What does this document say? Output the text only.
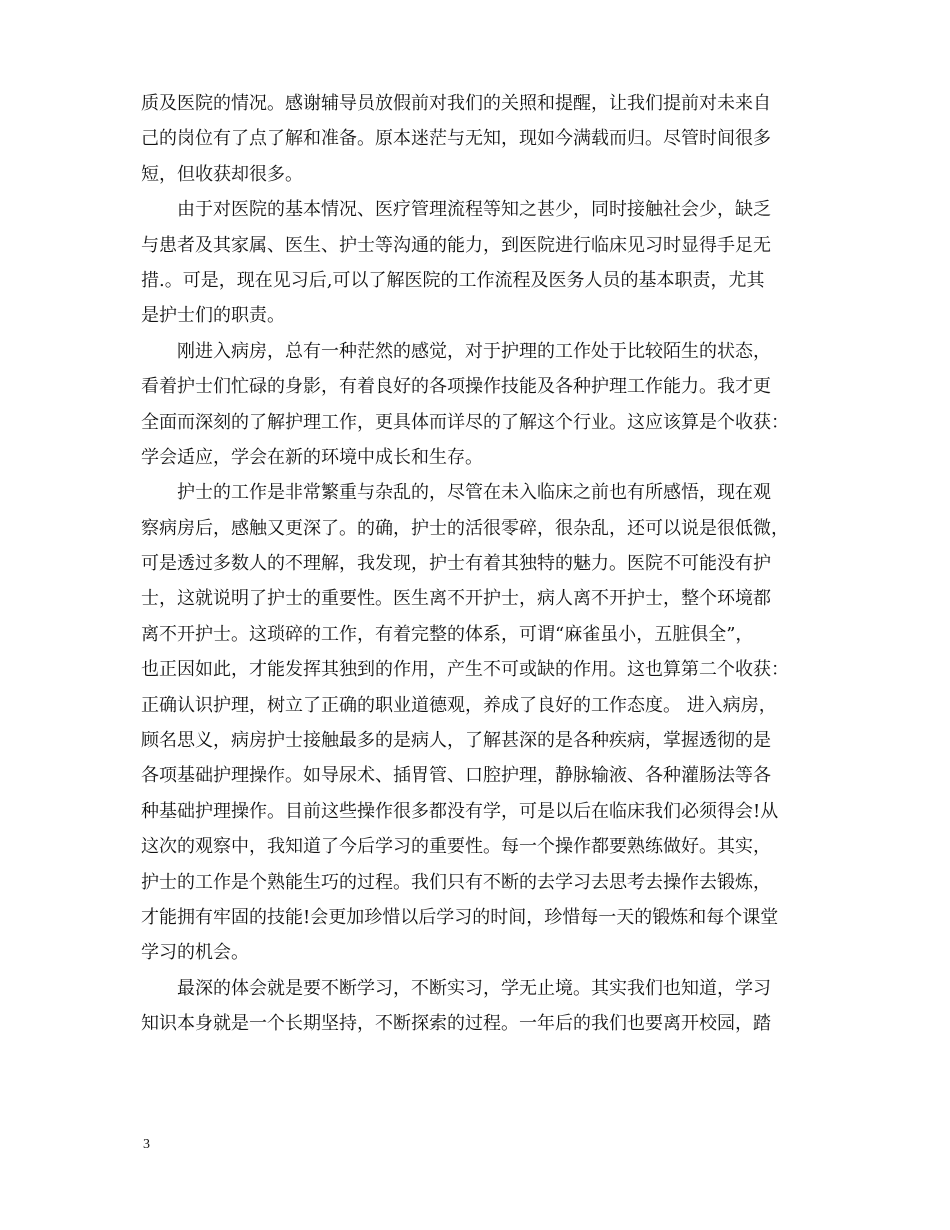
质及医院的情况。感谢辅导员放假前对我们的关照和提醒，让我们提前对未来自
己的岗位有了点了解和准备。原本迷茫与无知，现如今满载而归。尽管时间很多
短，但收获却很多。
　　由于对医院的基本情况、医疗管理流程等知之甚少，同时接触社会少，缺乏
与患者及其家属、医生、护士等沟通的能力，到医院进行临床见习时显得手足无
措.。可是，现在见习后,可以了解医院的工作流程及医务人员的基本职责，尤其
是护士们的职责。
　　刚进入病房，总有一种茫然的感觉，对于护理的工作处于比较陌生的状态，
看着护士们忙碌的身影，有着良好的各项操作技能及各种护理工作能力。我才更
全面而深刻的了解护理工作，更具体而详尽的了解这个行业。这应该算是个收获：
学会适应，学会在新的环境中成长和生存。
　　护士的工作是非常繁重与杂乱的，尽管在未入临床之前也有所感悟，现在观
察病房后，感触又更深了。的确，护士的活很零碎，很杂乱，还可以说是很低微，
可是透过多数人的不理解，我发现，护士有着其独特的魅力。医院不可能没有护
士，这就说明了护士的重要性。医生离不开护士，病人离不开护士，整个环境都
离不开护士。这琐碎的工作，有着完整的体系，可谓“麻雀虽小，五脏俱全”，
也正因如此，才能发挥其独到的作用，产生不可或缺的作用。这也算第二个收获：
正确认识护理，树立了正确的职业道德观，养成了良好的工作态度。 进入病房，
顾名思义，病房护士接触最多的是病人，了解甚深的是各种疾病，掌握透彻的是
各项基础护理操作。如导尿术、插胃管、口腔护理，静脉输液、各种灌肠法等各
种基础护理操作。目前这些操作很多都没有学，可是以后在临床我们必须得会!从
这次的观察中，我知道了今后学习的重要性。每一个操作都要熟练做好。其实，
护士的工作是个熟能生巧的过程。我们只有不断的去学习去思考去操作去锻炼，
才能拥有牢固的技能!会更加珍惜以后学习的时间，珍惜每一天的锻炼和每个课堂
学习的机会。
　　最深的体会就是要不断学习，不断实习，学无止境。其实我们也知道，学习
知识本身就是一个长期坚持，不断探索的过程。一年后的我们也要离开校园，踏
3
